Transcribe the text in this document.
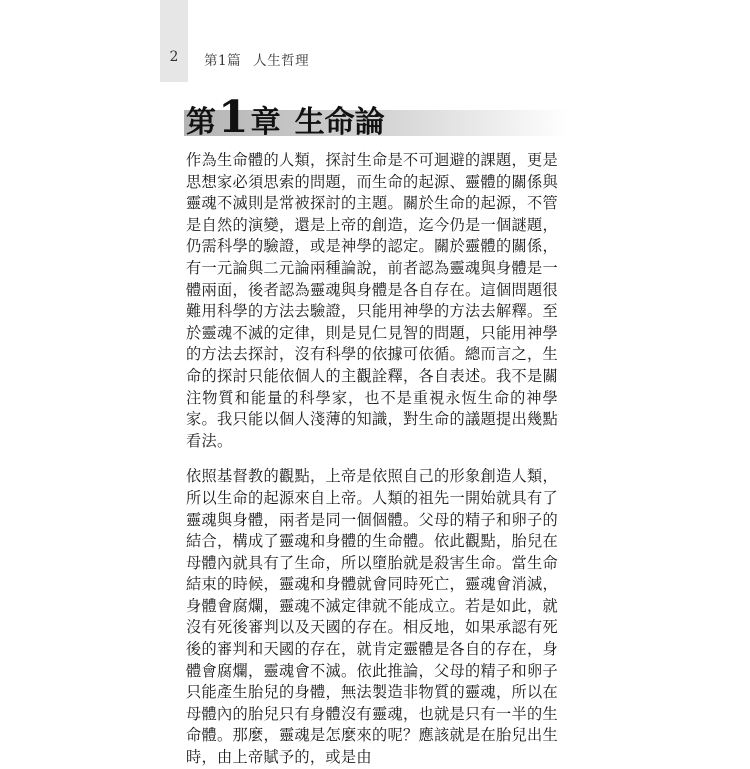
2	第1篇 人生哲理
第1章 生命論

作為生命體的人類，探討生命是不可迴避的課題，更是思想家必須思索的問題，而生命的起源、靈體的關係與靈魂不滅則是常被探討的主題。關於生命的起源，不管是自然的演變，還是上帝的創造，迄今仍是一個謎題，仍需科學的驗證，或是神學的認定。關於靈體的關係，有一元論與二元論兩種論說，前者認為靈魂與身體是一體兩面，後者認為靈魂與身體是各自存在。這個問題很難用科學的方法去驗證，只能用神學的方法去解釋。至於靈魂不滅的定律，則是見仁見智的問題，只能用神學的方法去探討，沒有科學的依據可依循。總而言之，生命的探討只能依個人的主觀詮釋，各自表述。我不是關注物質和能量的科學家，也不是重視永恆生命的神學家。我只能以個人淺薄的知識，對生命的議題提出幾點看法。

依照基督教的觀點，上帝是依照自己的形象創造人類，所以生命的起源來自上帝。人類的祖先一開始就具有了靈魂與身體，兩者是同一個個體。父母的精子和卵子的結合，構成了靈魂和身體的生命體。依此觀點，胎兒在母體內就具有了生命，所以墮胎就是殺害生命。當生命結束的時候，靈魂和身體就會同時死亡，靈魂會消滅，身體會腐爛，靈魂不滅定律就不能成立。若是如此，就沒有死後審判以及天國的存在。相反地，如果承認有死後的審判和天國的存在，就肯定靈體是各自的存在，身體會腐爛，靈魂會不滅。依此推論，父母的精子和卵子只能產生胎兒的身體，無法製造非物質的靈魂，所以在母體內的胎兒只有身體沒有靈魂，也就是只有一半的生命體。那麼，靈魂是怎麼來的呢？應該就是在胎兒出生時，由上帝賦予的，或是由
